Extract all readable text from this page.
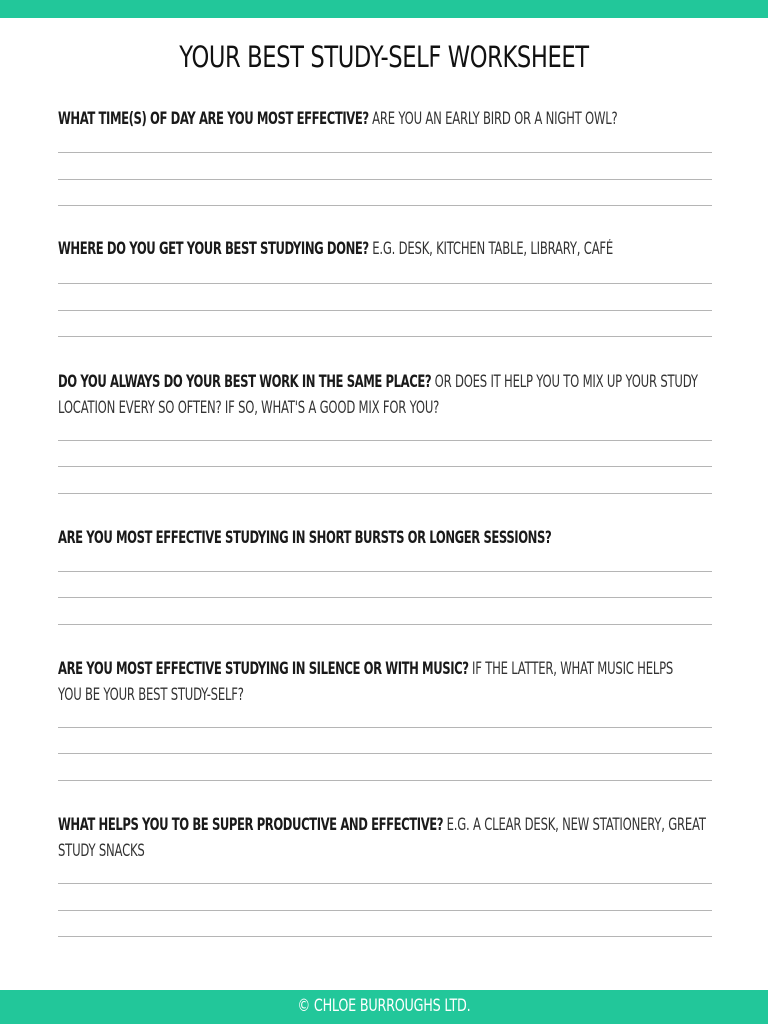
YOUR BEST STUDY-SELF WORKSHEET
WHAT TIME(S) OF DAY ARE YOU MOST EFFECTIVE? ARE YOU AN EARLY BIRD OR A NIGHT OWL?
WHERE DO YOU GET YOUR BEST STUDYING DONE? E.G. DESK, KITCHEN TABLE, LIBRARY, CAFÉ
DO YOU ALWAYS DO YOUR BEST WORK IN THE SAME PLACE? OR DOES IT HELP YOU TO MIX UP YOUR STUDY LOCATION EVERY SO OFTEN? IF SO, WHAT'S A GOOD MIX FOR YOU?
ARE YOU MOST EFFECTIVE STUDYING IN SHORT BURSTS OR LONGER SESSIONS?
ARE YOU MOST EFFECTIVE STUDYING IN SILENCE OR WITH MUSIC? IF THE LATTER, WHAT MUSIC HELPS YOU BE YOUR BEST STUDY-SELF?
WHAT HELPS YOU TO BE SUPER PRODUCTIVE AND EFFECTIVE? E.G. A CLEAR DESK, NEW STATIONERY, GREAT STUDY SNACKS
© CHLOE BURROUGHS LTD.
